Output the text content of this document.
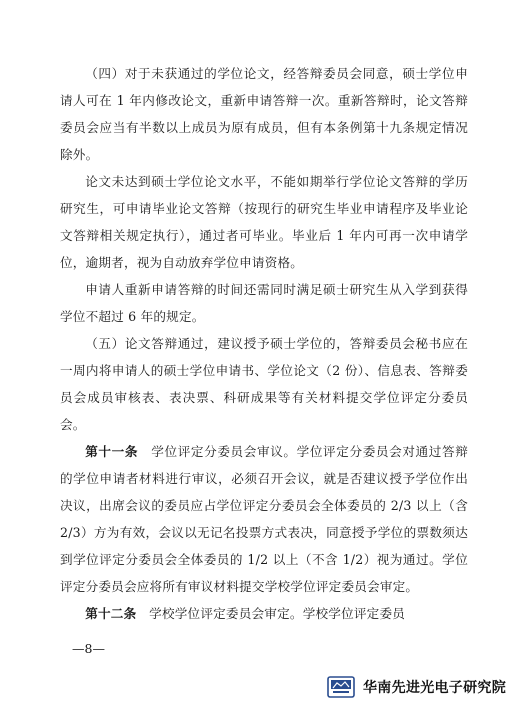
（四）对于未获通过的学位论文，经答辩委员会同意，硕士学位申请人可在 1 年内修改论文，重新申请答辩一次。重新答辩时，论文答辩委员会应当有半数以上成员为原有成员，但有本条例第十九条规定情况除外。

论文未达到硕士学位论文水平，不能如期举行学位论文答辩的学历研究生，可申请毕业论文答辩（按现行的研究生毕业申请程序及毕业论文答辩相关规定执行），通过者可毕业。毕业后 1 年内可再一次申请学位，逾期者，视为自动放弃学位申请资格。

申请人重新申请答辩的时间还需同时满足硕士研究生从入学到获得学位不超过 6 年的规定。

（五）论文答辩通过，建议授予硕士学位的，答辩委员会秘书应在一周内将申请人的硕士学位申请书、学位论文（2 份）、信息表、答辩委员会成员审核表、表决票、科研成果等有关材料提交学位评定分委员会。

第十一条　学位评定分委员会审议。学位评定分委员会对通过答辩的学位申请者材料进行审议，必须召开会议，就是否建议授予学位作出决议，出席会议的委员应占学位评定分委员会全体委员的 2/3 以上（含 2/3）方为有效，会议以无记名投票方式表决，同意授予学位的票数须达到学位评定分委员会全体委员的 1/2 以上（不含 1/2）视为通过。学位评定分委员会应将所有审议材料提交学校学位评定委员会审定。

第十二条　学校学位评定委员会审定。学校学位评定委员

—8—
华南先进光电子研究院
